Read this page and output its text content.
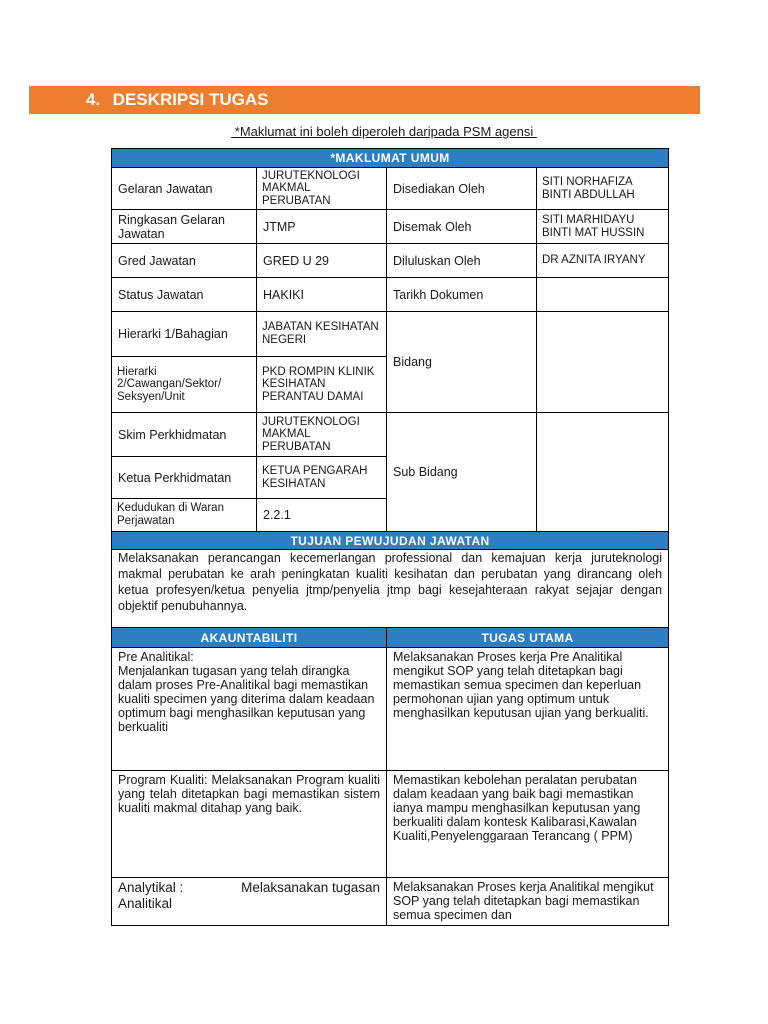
4. DESKRIPSI TUGAS
*Maklumat ini boleh diperoleh daripada PSM agensi
*MAKLUMAT UMUM			
Gelaran Jawatan	JURUTEKNOLOGI MAKMAL PERUBATAN	Disediakan Oleh	SITI NORHAFIZA BINTI ABDULLAH
Ringkasan Gelaran Jawatan	JTMP	Disemak Oleh	SITI MARHIDAYU BINTI MAT HUSSIN
Gred Jawatan	GRED U 29	Diluluskan Oleh	DR AZNITA IRYANY
Status Jawatan	HAKIKI	Tarikh Dokumen	
Hierarki 1/Bahagian	JABATAN KESIHATAN NEGERI	Bidang	
Hierarki 2/Cawangan/Sektor/ Seksyen/Unit	PKD ROMPIN KLINIK KESIHATAN PERANTAU DAMAI		
Skim Perkhidmatan	JURUTEKNOLOGI MAKMAL PERUBATAN	Sub Bidang	
Ketua Perkhidmatan	KETUA PENGARAH KESIHATAN		
Kedudukan di Waran Perjawatan	2.2.1		
TUJUAN PEWUJUDAN JAWATAN			
Melaksanakan perancangan kecemerlangan professional dan kemajuan kerja juruteknologi makmal perubatan ke arah peningkatan kualiti kesihatan dan perubatan yang dirancang oleh ketua profesyen/ketua penyelia jtmp/penyelia jtmp bagi kesejahteraan rakyat sejajar dengan objektif penubuhannya.			
AKAUNTABILITI		TUGAS UTAMA	

Pre Analitikal:
Menjalankan tugasan yang telah dirangka dalam proses Pre-Analitikal bagi memastikan kualiti specimen yang diterima dalam keadaan optimum bagi menghasilkan keputusan yang berkualiti		Melaksanakan Proses kerja Pre Analitikal mengikut SOP yang telah ditetapkan bagi memastikan semua specimen dan keperluan permohonan ujian yang optimum untuk menghasilkan keputusan ujian yang berkualiti.	
Program Kualiti: Melaksanakan Program kualiti yang telah ditetapkan bagi memastikan sistem kualiti makmal ditahap yang baik.		Memastikan kebolehan peralatan perubatan dalam keadaan yang baik bagi memastikan ianya mampu menghasilkan keputusan yang berkualiti dalam kontesk Kalibarasi,Kawalan Kualiti,Penyelenggaraan Terancang ( PPM)	

Analytikal : Melaksanakan tugasan
Analitikal		Melaksanakan Proses kerja Analitikal mengikut SOP yang telah ditetapkan bagi memastikan semua specimen dan	
